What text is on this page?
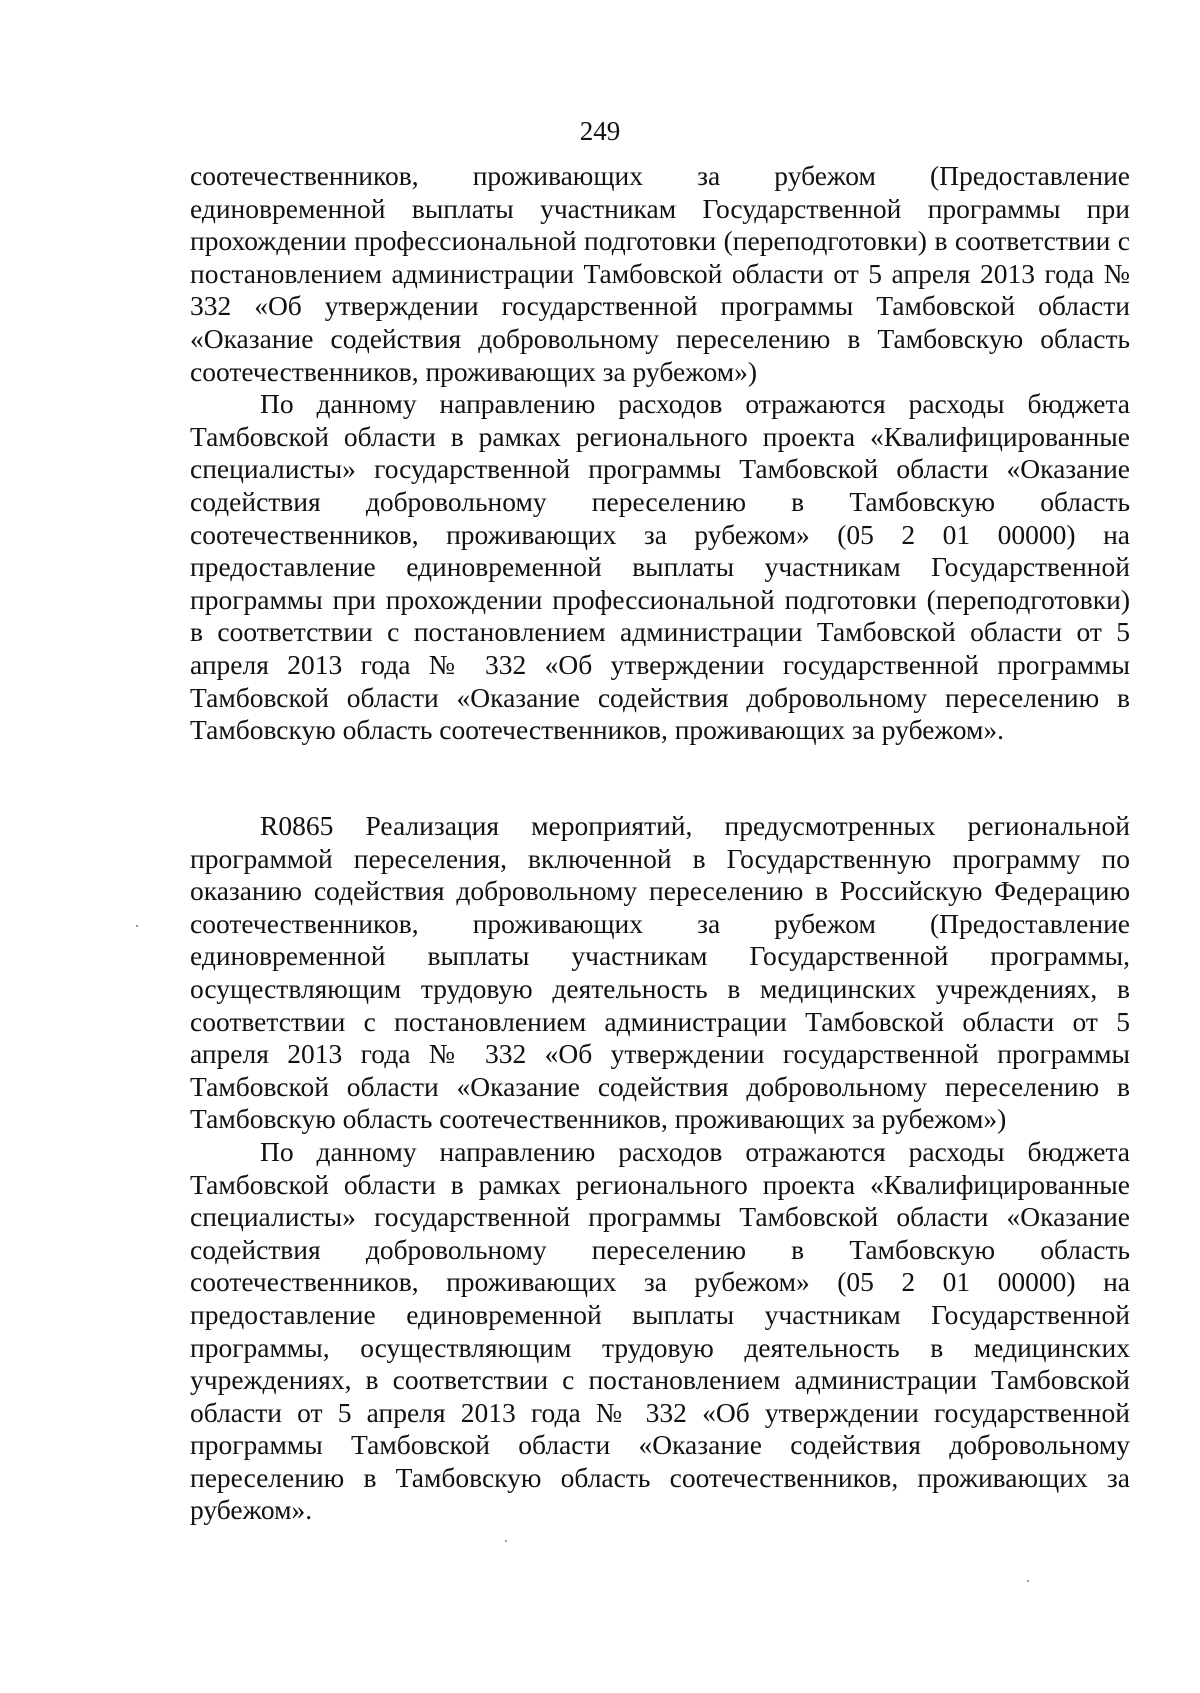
249

соотечественников, проживающих за рубежом (Предоставление единовременной выплаты участникам Государственной программы при прохождении профессиональной подготовки (переподготовки) в соответствии с постановлением администрации Тамбовской области от 5 апреля 2013 года № 332 «Об утверждении государственной программы Тамбовской области «Оказание содействия добровольному переселению в Тамбовскую область соотечественников, проживающих за рубежом»)

По данному направлению расходов отражаются расходы бюджета Тамбовской области в рамках регионального проекта «Квалифицированные специалисты» государственной программы Тамбовской области «Оказание содействия добровольному переселению в Тамбовскую область соотечественников, проживающих за рубежом» (05 2 01 00000) на предоставление единовременной выплаты участникам Государственной программы при прохождении профессиональной подготовки (переподготовки) в соответствии с постановлением администрации Тамбовской области от 5 апреля 2013 года № 332 «Об утверждении государственной программы Тамбовской области «Оказание содействия добровольному переселению в Тамбовскую область соотечественников, проживающих за рубежом».

R0865 Реализация мероприятий, предусмотренных региональной программой переселения, включенной в Государственную программу по оказанию содействия добровольному переселению в Российскую Федерацию соотечественников, проживающих за рубежом (Предоставление единовременной выплаты участникам Государственной программы, осуществляющим трудовую деятельность в медицинских учреждениях, в соответствии с постановлением администрации Тамбовской области от 5 апреля 2013 года № 332 «Об утверждении государственной программы Тамбовской области «Оказание содействия добровольному переселению в Тамбовскую область соотечественников, проживающих за рубежом»)

По данному направлению расходов отражаются расходы бюджета Тамбовской области в рамках регионального проекта «Квалифицированные специалисты» государственной программы Тамбовской области «Оказание содействия добровольному переселению в Тамбовскую область соотечественников, проживающих за рубежом» (05 2 01 00000) на предоставление единовременной выплаты участникам Государственной программы, осуществляющим трудовую деятельность в медицинских учреждениях, в соответствии с постановлением администрации Тамбовской области от 5 апреля 2013 года № 332 «Об утверждении государственной программы Тамбовской области «Оказание содействия добровольному переселению в Тамбовскую область соотечественников, проживающих за рубежом».
